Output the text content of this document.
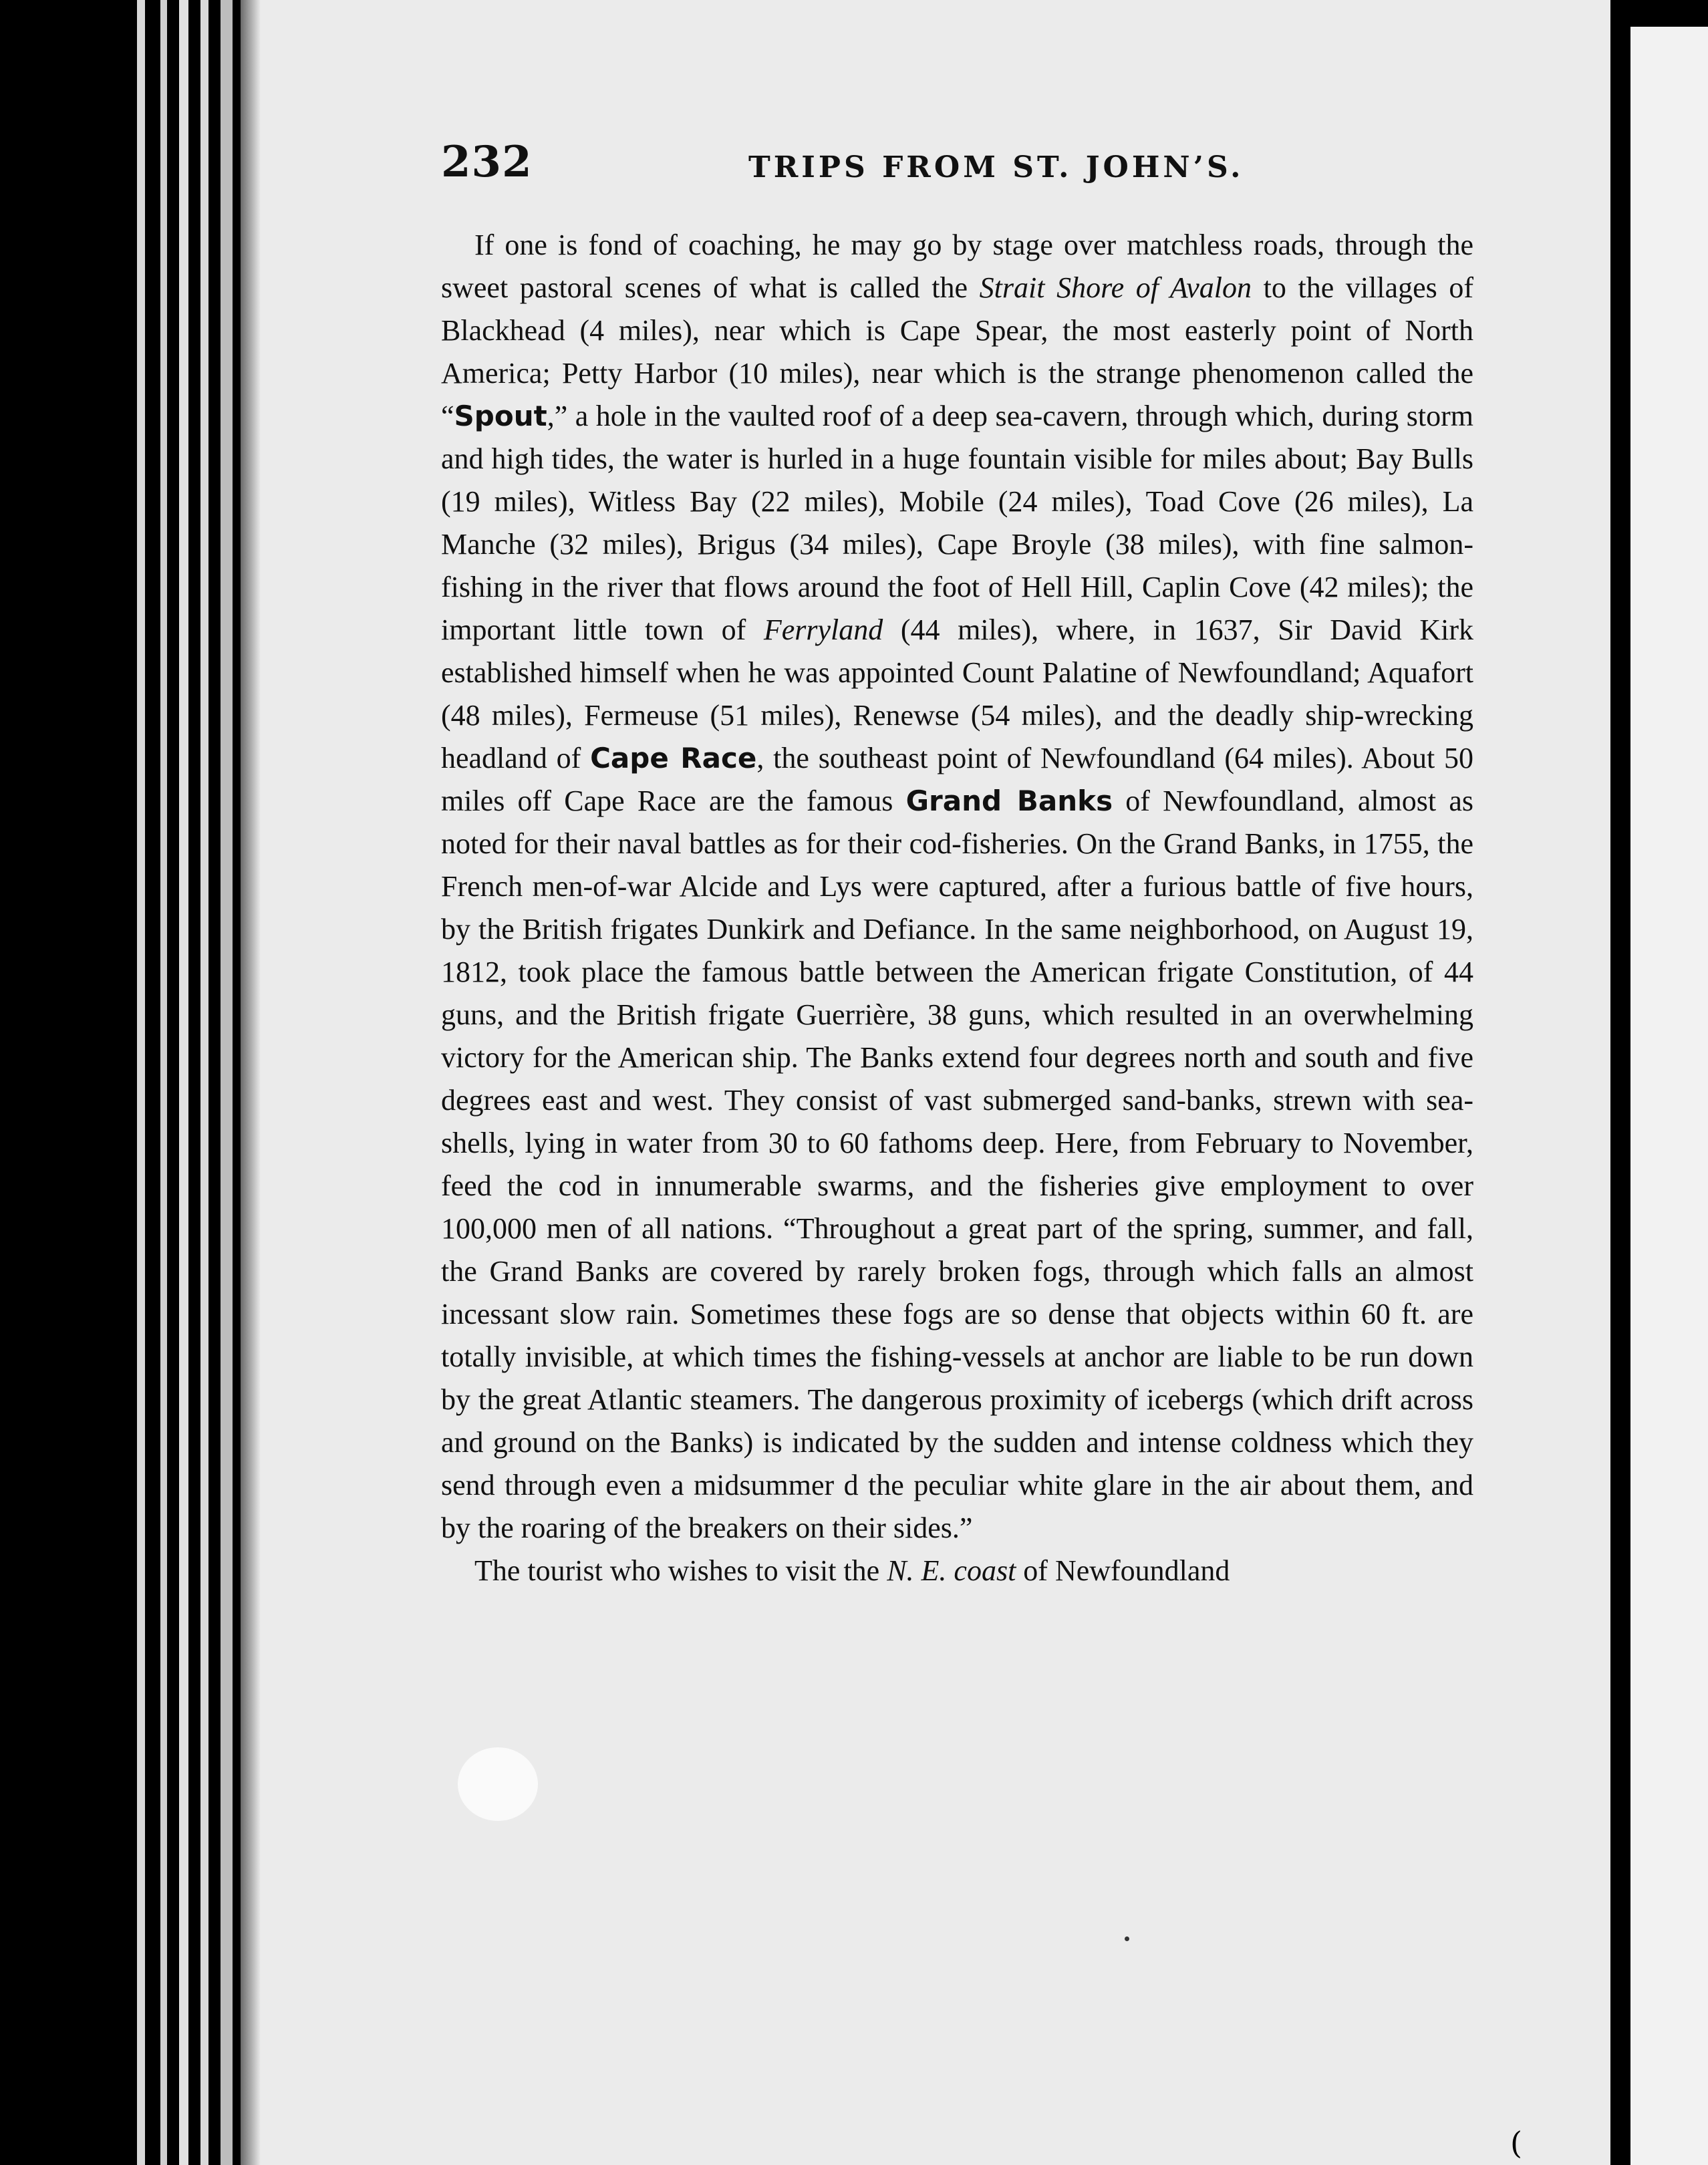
232	TRIPS FROM ST. JOHN’S.

If one is fond of coaching, he may go by stage over matchless roads, through the sweet pastoral scenes of what is called the Strait Shore of Avalon to the villages of Blackhead (4 miles), near which is Cape Spear, the most easterly point of North America; Petty Harbor (10 miles), near which is the strange phenomenon called the “Spout,” a hole in the vaulted roof of a deep sea-cavern, through which, during storm and high tides, the water is hurled in a huge fountain visible for miles about; Bay Bulls (19 miles), Witless Bay (22 miles), Mobile (24 miles), Toad Cove (26 miles), La Manche (32 miles), Brigus (34 miles), Cape Broyle (38 miles), with fine salmon-fishing in the river that flows around the foot of Hell Hill, Caplin Cove (42 miles); the important little town of Ferryland (44 miles), where, in 1637, Sir David Kirk established himself when he was appointed Count Palatine of Newfoundland; Aquafort (48 miles), Fermeuse (51 miles), Renewse (54 miles), and the deadly ship-wrecking headland of Cape Race, the southeast point of Newfoundland (64 miles). About 50 miles off Cape Race are the famous Grand Banks of Newfoundland, almost as noted for their naval battles as for their cod-fisheries. On the Grand Banks, in 1755, the French men-of-war Alcide and Lys were captured, after a furious battle of five hours, by the British frigates Dunkirk and Defiance. In the same neighborhood, on August 19, 1812, took place the famous battle between the American frigate Constitution, of 44 guns, and the British frigate Guerrière, 38 guns, which resulted in an overwhelming victory for the American ship. The Banks extend four degrees north and south and five degrees east and west. They consist of vast submerged sand-banks, strewn with sea-shells, lying in water from 30 to 60 fathoms deep. Here, from February to November, feed the cod in innumerable swarms, and the fisheries give employment to over 100,000 men of all nations. “Throughout a great part of the spring, summer, and fall, the Grand Banks are covered by rarely broken fogs, through which falls an almost incessant slow rain. Sometimes these fogs are so dense that objects within 60 ft. are totally invisible, at which times the fishing-vessels at anchor are liable to be run down by the great Atlantic steamers. The dangerous proximity of icebergs (which drift across and ground on the Banks) is indicated by the sudden and intense coldness which they send through even a midsummer d the peculiar white glare in the air about them, and by the roaring of the breakers on their sides.”

The tourist who wishes to visit the N. E. coast of Newfoundland

(
